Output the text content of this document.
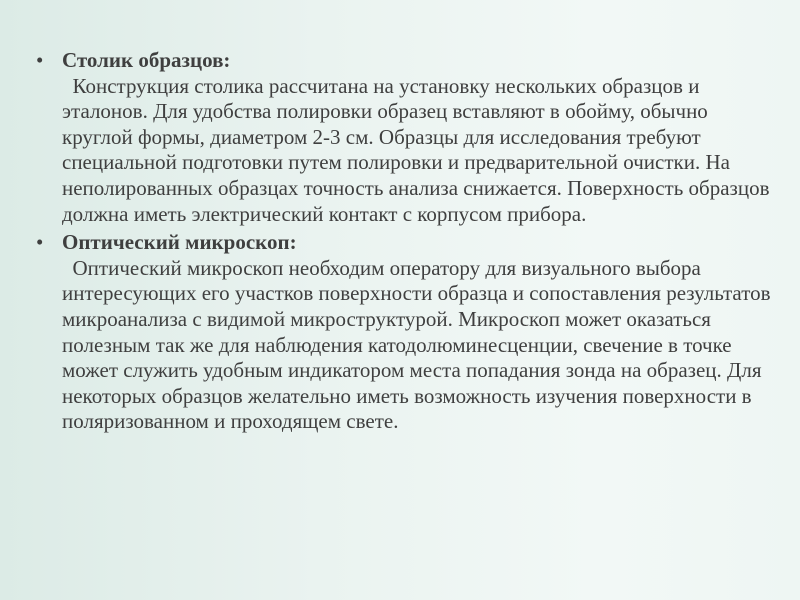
• Столик образцов:
Конструкция столика рассчитана на установку нескольких образцов и эталонов. Для удобства полировки образец вставляют в обойму, обычно круглой формы, диаметром 2-3 см. Образцы для исследования требуют специальной подготовки путем полировки и предварительной очистки. На неполированных образцах точность анализа снижается. Поверхность образцов должна иметь электрический контакт с корпусом прибора.
• Оптический микроскоп:
Оптический микроскоп необходим оператору для визуального выбора интересующих его участков поверхности образца и сопоставления результатов микроанализа с видимой микроструктурой. Микроскоп может оказаться полезным так же для наблюдения катодолюминесценции, свечение в точке может служить удобным индикатором места попадания зонда на образец. Для некоторых образцов желательно иметь возможность изучения поверхности в поляризованном и проходящем свете.
